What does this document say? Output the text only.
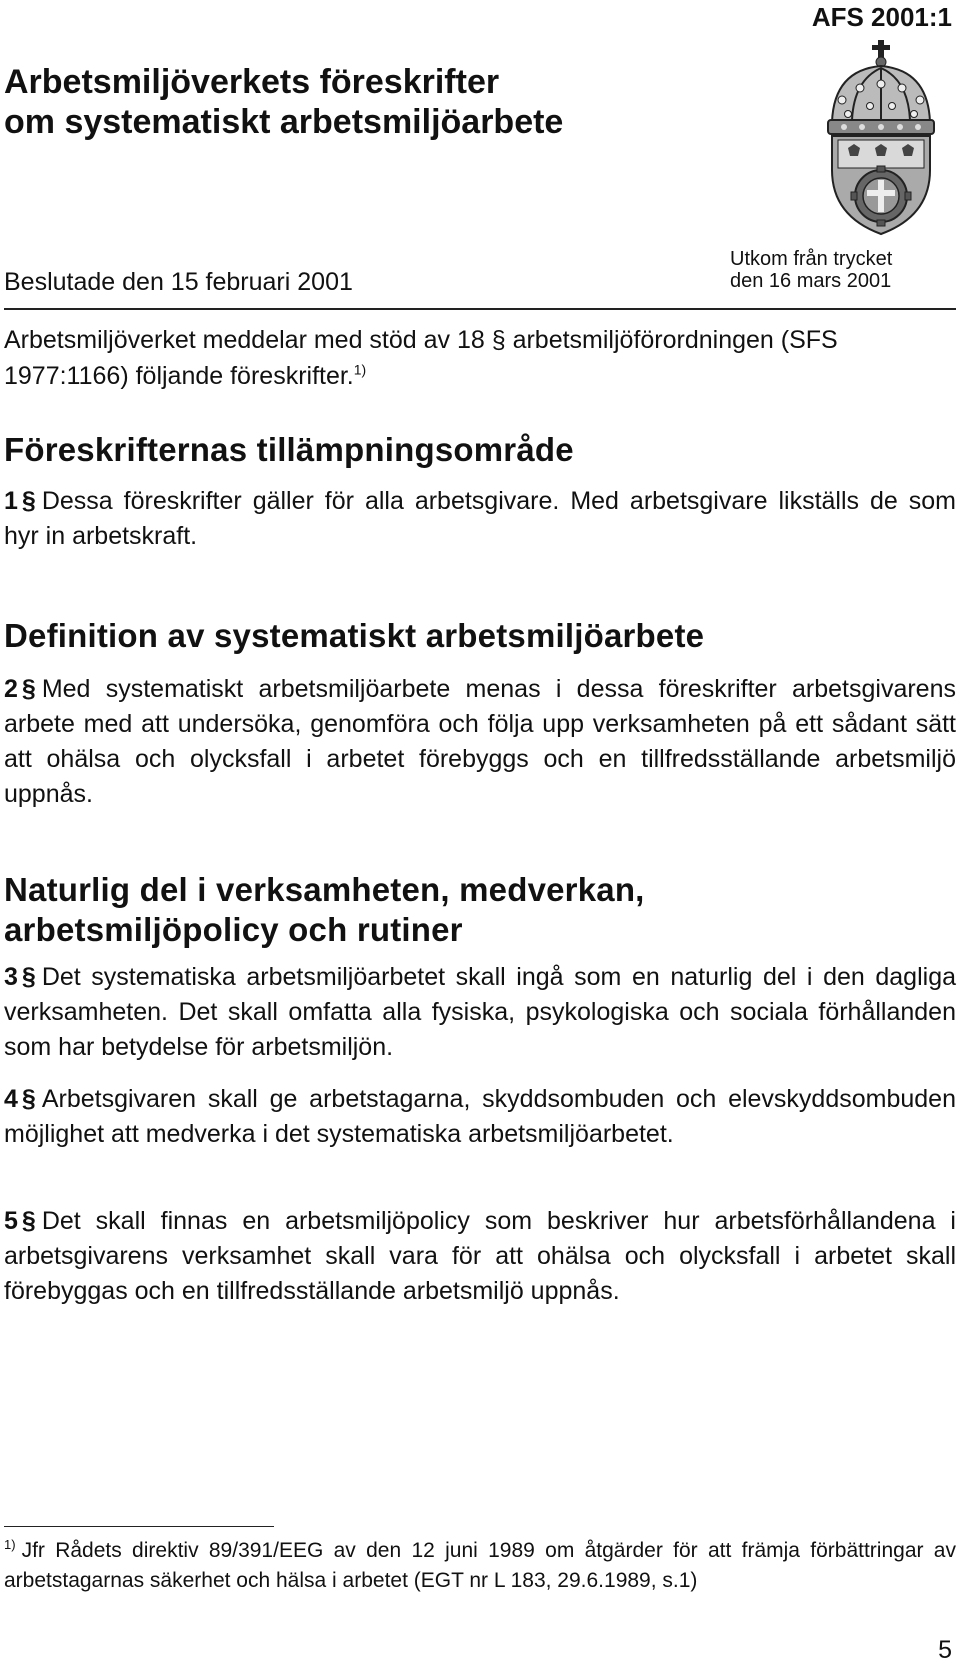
AFS 2001:1
Arbetsmiljöverkets föreskrifter
om systematiskt arbetsmiljöarbete
Beslutade den 15 februari 2001
Utkom från trycket
den 16 mars 2001
Arbetsmiljöverket meddelar med stöd av 18 § arbetsmiljöförordningen (SFS 1977:1166) följande föreskrifter.$^{1)}$
Föreskrifternas tillämpningsområde
1 § Dessa föreskrifter gäller för alla arbetsgivare. Med arbetsgivare likställs de som hyr in arbetskraft.
Definition av systematiskt arbetsmiljöarbete
2 § Med systematiskt arbetsmiljöarbete menas i dessa föreskrifter arbetsgivarens arbete med att undersöka, genomföra och följa upp verksamheten på ett sådant sätt att ohälsa och olycksfall i arbetet förebyggs och en tillfredsställande arbetsmiljö uppnås.
Naturlig del i verksamheten, medverkan,
arbetsmiljöpolicy och rutiner
3 § Det systematiska arbetsmiljöarbetet skall ingå som en naturlig del i den dagliga verksamheten. Det skall omfatta alla fysiska, psykologiska och sociala förhållanden som har betydelse för arbetsmiljön.
4 § Arbetsgivaren skall ge arbetstagarna, skyddsombuden och elevskyddsombuden möjlighet att medverka i det systematiska arbetsmiljöarbetet.
5 § Det skall finnas en arbetsmiljöpolicy som beskriver hur arbetsförhållandena i arbetsgivarens verksamhet skall vara för att ohälsa och olycksfall i arbetet skall förebyggas och en tillfredsställande arbetsmiljö uppnås.
$^{1)}$ Jfr Rådets direktiv 89/391/EEG av den 12 juni 1989 om åtgärder för att främja förbättringar av arbetstagarnas säkerhet och hälsa i arbetet (EGT nr L 183, 29.6.1989, s.1)
5
